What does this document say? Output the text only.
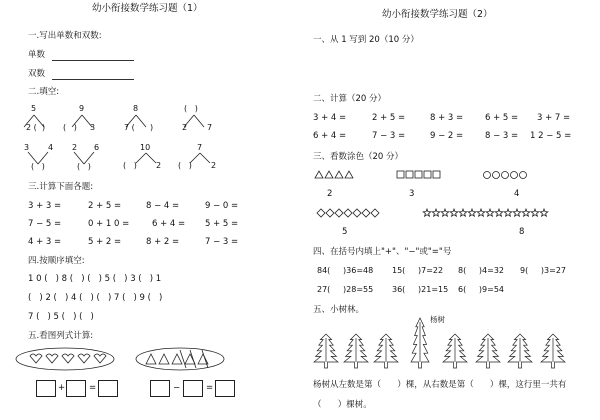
幼小衔接数学练习题（1）
一.写出单数和双数:
单数
双数
二.填空:
5
2 ( )
9
(   ) 3
8
7 ( )
(   )
2 7
3 4
(   )
2 6
(   )
10
(   ) 2
7
(   ) 2
三.计算下面各题:
3 + 3 =	2 + 5 =	8 − 4 =	9 − 0 =
7 − 5 =	0 + 1 0 =	6 + 4 = 5 + 5 =
4 + 3 =	5 + 2 =	8 + 2 =	7 − 3 =
四.按顺序填空:
1 0 (   ) 8 (   ) (   ) 5 (   ) 3 (   ) 1
(   ) 2 (   ) 4 (   ) (   ) 7 (   ) 9 (   )
7 (   ) 5 (   ) (   )
五.看图列式计算:
+	=	−	=
幼小衔接数学练习题（2）
一、从 1 写到 20（10 分）
二、计算（20 分）
3 + 4 =	2 + 5 =	8 + 3 =	6 + 5 = 3 + 7 =
6 + 4 =	7 − 3 =	9 − 2 =	8 − 3 = 1 2 − 5 =
三、看数涂色（20 分）
2	3	4
5	8
四、在括号内填上"+"、"−"或"="号
84(     )36=48 15(     )7=22 8(     )4=32 9(     )3=27
27(     )28=55 36(     )21=15 6(     )9=54
五、小树林。
杨树
杨树从左数是第（      ）棵，从右数是第（      ）棵，这行里一共有
（      ）棵树。
